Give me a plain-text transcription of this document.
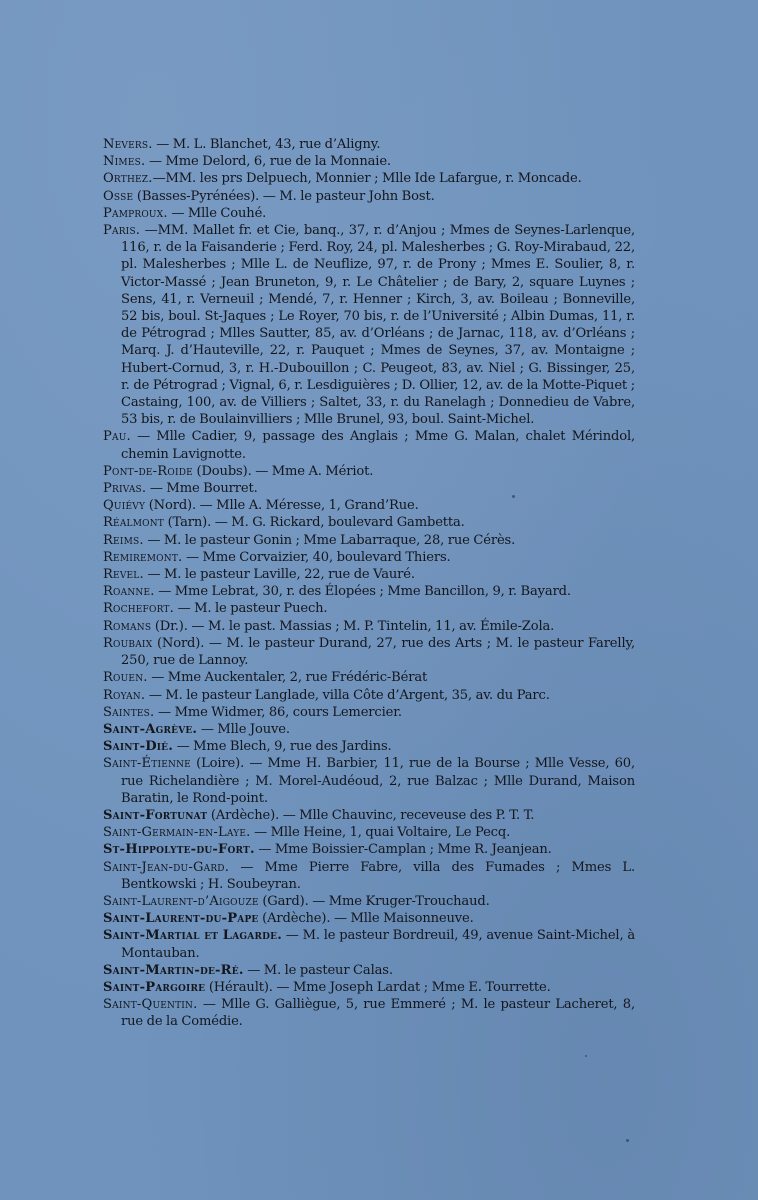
Nevers. — M. L. Blanchet, 43, rue d’Aligny.

Nimes. — Mme Delord, 6, rue de la Monnaie.

Orthez.—MM. les prs Delpuech, Monnier ; Mlle Ide Lafargue, r. Moncade.

Osse (Basses-Pyrénées). — M. le pasteur John Bost.

Pamproux. — Mlle Couhé.

Paris. —MM. Mallet fr. et Cie, banq., 37, r. d’Anjou ; Mmes de Seynes-Larlenque, 116, r. de la Faisanderie ; Ferd. Roy, 24, pl. Malesherbes ; G. Roy-Mirabaud, 22, pl. Malesherbes ; Mlle L. de Neuflize, 97, r. de Prony ; Mmes E. Soulier, 8, r. Victor-Massé ; Jean Bruneton, 9, r. Le Châtelier ; de Bary, 2, square Luynes ; Sens, 41, r. Verneuil ; Mendé, 7, r. Henner ; Kirch, 3, av. Boileau ; Bonneville, 52 bis, boul. St-Jaques ; Le Royer, 70 bis, r. de l’Université ; Albin Dumas, 11, r. de Pétrograd ; Mlles Sautter, 85, av. d’Orléans ; de Jarnac, 118, av. d’Orléans ; Marq. J. d’Hauteville, 22, r. Pauquet ; Mmes de Seynes, 37, av. Montaigne ; Hubert-Cornud, 3, r. H.-Dubouillon ; C. Peugeot, 83, av. Niel ; G. Bissinger, 25, r. de Pétrograd ; Vignal, 6, r. Lesdiguières ; D. Ollier, 12, av. de la Motte-Piquet ; Castaing, 100, av. de Villiers ; Saltet, 33, r. du Ranelagh ; Donnedieu de Vabre, 53 bis, r. de Boulainvilliers ; Mlle Brunel, 93, boul. Saint-Michel.

Pau. — Mlle Cadier, 9, passage des Anglais ; Mme G. Malan, chalet Mérindol, chemin Lavignotte.

Pont-de-Roide (Doubs). — Mme A. Mériot.

Privas. — Mme Bourret.

Quiévy (Nord). — Mlle A. Méresse, 1, Grand’Rue.

Réalmont (Tarn). — M. G. Rickard, boulevard Gambetta.

Reims. — M. le pasteur Gonin ; Mme Labarraque, 28, rue Cérès.

Remiremont. — Mme Corvaizier, 40, boulevard Thiers.

Revel. — M. le pasteur Laville, 22, rue de Vauré.

Roanne. — Mme Lebrat, 30, r. des Élopées ; Mme Bancillon, 9, r. Bayard.

Rochefort. — M. le pasteur Puech.

Romans (Dr.). — M. le past. Massias ; M. P. Tintelin, 11, av. Émile-Zola.

Roubaix (Nord). — M. le pasteur Durand, 27, rue des Arts ; M. le pasteur Farelly, 250, rue de Lannoy.

Rouen. — Mme Auckentaler, 2, rue Frédéric-Bérat

Royan. — M. le pasteur Langlade, villa Côte d’Argent, 35, av. du Parc.

Saintes. — Mme Widmer, 86, cours Lemercier.

Saint-Agrève. — Mlle Jouve.

Saint-Dié. — Mme Blech, 9, rue des Jardins.

Saint-Étienne (Loire). — Mme H. Barbier, 11, rue de la Bourse ; Mlle Vesse, 60, rue Richelandière ; M. Morel-Audéoud, 2, rue Balzac ; Mlle Durand, Maison Baratin, le Rond-point.

Saint-Fortunat (Ardèche). — Mlle Chauvinc, receveuse des P. T. T.

Saint-Germain-en-Laye. — Mlle Heine, 1, quai Voltaire, Le Pecq.

St-Hippolyte-du-Fort. — Mme Boissier-Camplan ; Mme R. Jeanjean.

Saint-Jean-du-Gard. — Mme Pierre Fabre, villa des Fumades ; Mmes L. Bentkowski ; H. Soubeyran.

Saint-Laurent-d’Aigouze (Gard). — Mme Kruger-Trouchaud.

Saint-Laurent-du-Pape (Ardèche). — Mlle Maisonneuve.

Saint-Martial et Lagarde. — M. le pasteur Bordreuil, 49, avenue Saint-Michel, à Montauban.

Saint-Martin-de-Ré. — M. le pasteur Calas.

Saint-Pargoire (Hérault). — Mme Joseph Lardat ; Mme E. Tourrette.

Saint-Quentin. — Mlle G. Galliègue, 5, rue Emmeré ; M. le pasteur Lacheret, 8, rue de la Comédie.
